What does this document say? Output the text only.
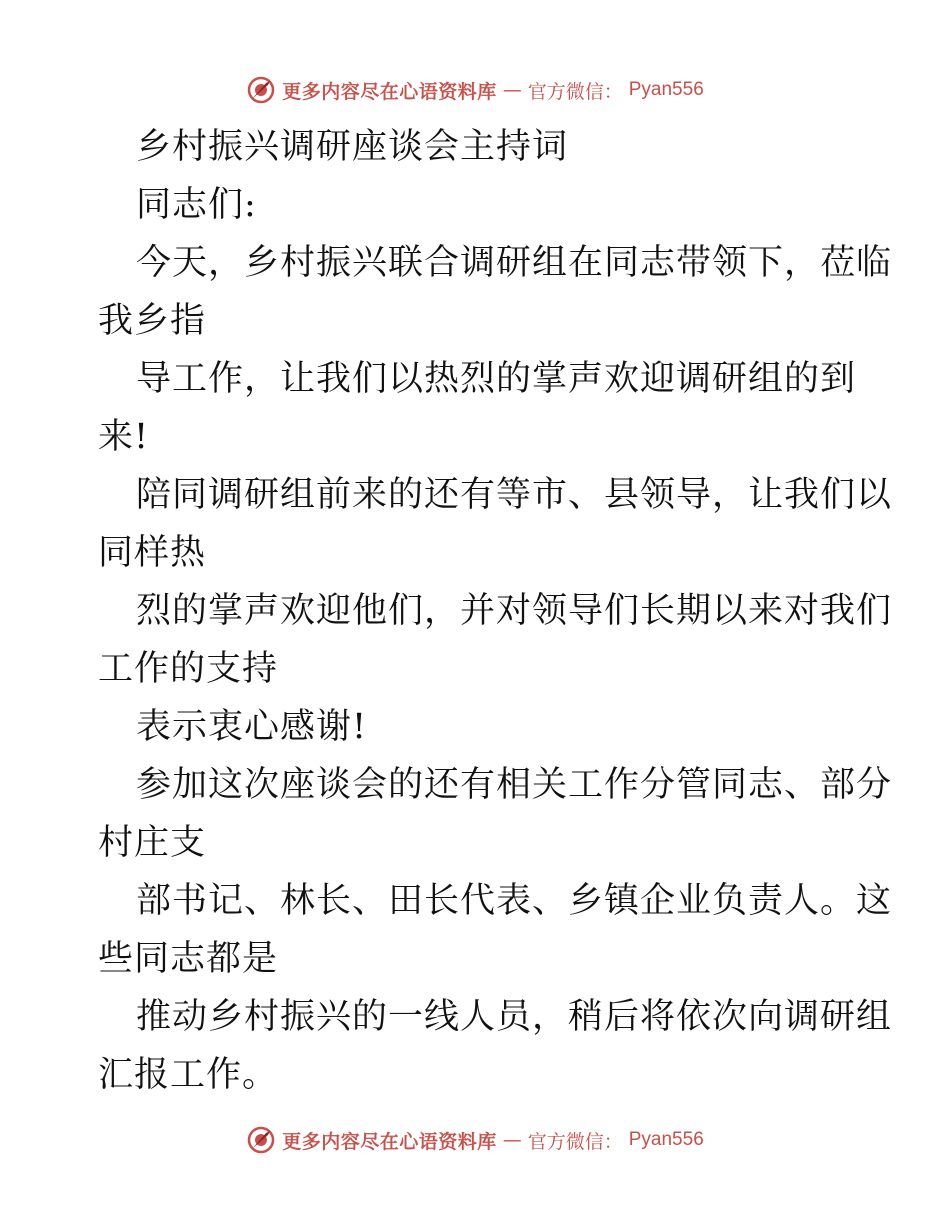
更多内容尽在心语资料库 — 官方微信： Pyan556
乡村振兴调研座谈会主持词
同志们:
今天，乡村振兴联合调研组在同志带领下，莅临
我乡指
导工作，让我们以热烈的掌声欢迎调研组的到
来!
陪同调研组前来的还有等市、县领导，让我们以
同样热
烈的掌声欢迎他们，并对领导们长期以来对我们
工作的支持
表示衷心感谢!
参加这次座谈会的还有相关工作分管同志、部分
村庄支
部书记、林长、田长代表、乡镇企业负责人。这
些同志都是
推动乡村振兴的一线人员，稍后将依次向调研组
汇报工作。
更多内容尽在心语资料库 — 官方微信： Pyan556
